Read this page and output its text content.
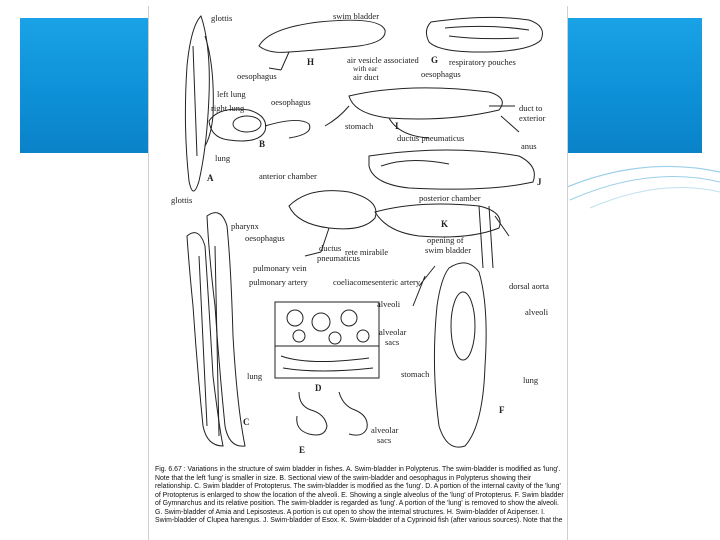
glottis	swim bladder
H
oesophagus
left lung
right lung
oesophagus
lung
B
A
air vesicle associated
with ear
air duct
G respiratory pouches
oesophagus
stomach I
duct to
exterior
ductus pneumaticus
anus
anterior chamber
J
posterior chamber
K
glottis
pharynx
oesophagus
ductus
pneumaticus
rete mirabile
opening of
swim bladder
pulmonary vein
pulmonary artery	coeliacomesenteric artery	dorsal aorta
alveoli
alveolar
sacs
D
lung
C
alveoli
stomach
lung
F
E
alveolar
sacs
Fig. 6.67 : Variations in the structure of swim bladder in fishes. A. Swim-bladder in Polypterus. The swim-bladder is modified as 'lung'. Note that the left 'lung' is smaller in size. B. Sectional view of the swim-bladder and oesophagus in Polypterus showing their relationship. C. Swim bladder of Protopterus. The swim-bladder is modified as the 'lung'. D. A portion of the internal cavity of the 'lung' of Protopterus is enlarged to show the location of the alveoli. E. Showing a single alveolus of the 'lung' of Protopterus. F. Swim bladder of Gymnarchus and its relative position. The swim-bladder is regarded as 'lung'. A portion of the 'lung' is removed to show the alveoli. G. Swim-bladder of Amia and Lepisosteus. A portion is cut open to show the internal structures. H. Swim-bladder of Acipenser. I. Swim-bladder of Clupea harengus. J. Swim-bladder of Esox. K. Swim-bladder of a Cyprinoid fish (after various sources). Note that the
